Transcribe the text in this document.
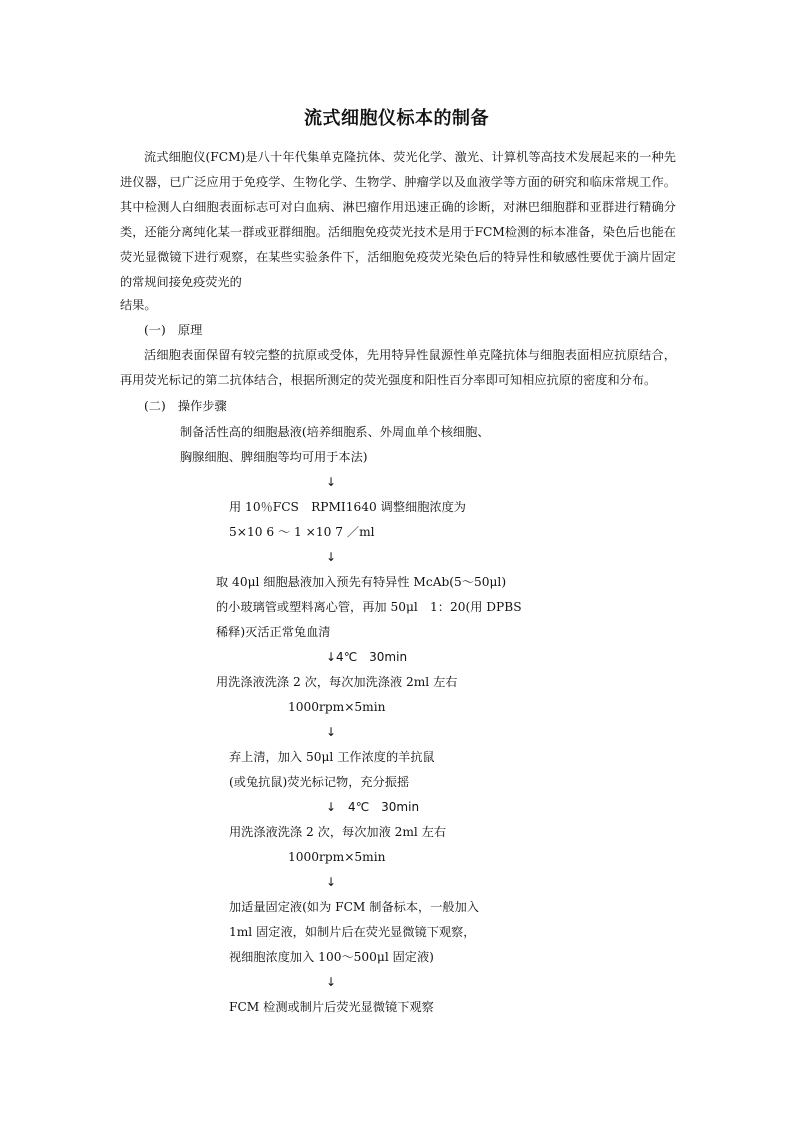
流式细胞仪标本的制备
流式细胞仪(FCM)是八十年代集单克隆抗体、荧光化学、激光、计算机等高技术发展起来的一种先进仪器，已广泛应用于免疫学、生物化学、生物学、肿瘤学以及血液学等方面的研究和临床常规工作。其中检测人白细胞表面标志可对白血病、淋巴瘤作用迅速正确的诊断，对淋巴细胞群和亚群进行精确分类，还能分离纯化某一群或亚群细胞。活细胞免疫荧光技术是用于FCM检测的标本准备，染色后也能在荧光显微镜下进行观察，在某些实验条件下，活细胞免疫荧光染色后的特异性和敏感性要优于滴片固定的常规间接免疫荧光的
结果。
(一)　原理
活细胞表面保留有较完整的抗原或受体，先用特异性鼠源性单克隆抗体与细胞表面相应抗原结合，再用荧光标记的第二抗体结合，根据所测定的荧光强度和阳性百分率即可知相应抗原的密度和分布。
(二)　操作步骤
制备活性高的细胞悬液(培养细胞系、外周血单个核细胞、
胸腺细胞、脾细胞等均可用于本法)
↓
用 10％FCS　RPMI1640 调整细胞浓度为
5×10 6 ～ 1 ×10 7 ／ml
↓
取 40μl 细胞悬液加入预先有特异性 McAb(5～50μl)
的小玻璃管或塑料离心管，再加 50μl　1：20(用 DPBS
稀释)灭活正常兔血清
↓4℃　30min
用洗涤液洗涤 2 次，每次加洗涤液 2ml 左右
1000rpm×5min
↓
弃上清，加入 50μl 工作浓度的羊抗鼠
(或兔抗鼠)荧光标记物，充分振摇
↓　4℃　30min
用洗涤液洗涤 2 次，每次加液 2ml 左右
1000rpm×5min
↓
加适量固定液(如为 FCM 制备标本，一般加入
1ml 固定液，如制片后在荧光显微镜下观察，
视细胞浓度加入 100～500μl 固定液)
↓
FCM 检测或制片后荧光显微镜下观察
